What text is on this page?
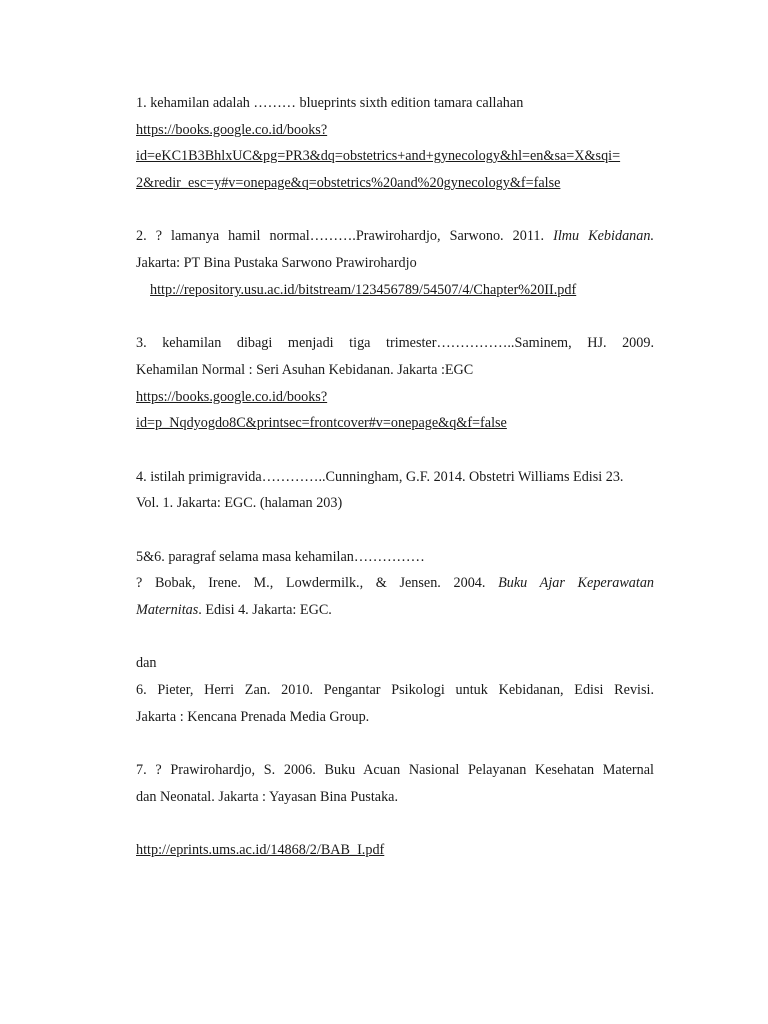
1. kehamilan adalah ……… blueprints sixth edition tamara callahan
https://books.google.co.id/books?
id=eKC1B3BhlxUC&pg=PR3&dq=obstetrics+and+gynecology&hl=en&sa=X&sqi=
2&redir_esc=y#v=onepage&q=obstetrics%20and%20gynecology&f=false
2. ? lamanya hamil normal……….Prawirohardjo, Sarwono. 2011. Ilmu Kebidanan.
Jakarta: PT Bina Pustaka Sarwono Prawirohardjo
http://repository.usu.ac.id/bitstream/123456789/54507/4/Chapter%20II.pdf
3. kehamilan dibagi menjadi tiga trimester……………..Saminem, HJ. 2009.
Kehamilan Normal : Seri Asuhan Kebidanan. Jakarta :EGC
https://books.google.co.id/books?
id=p_Nqdyogdo8C&printsec=frontcover#v=onepage&q&f=false
4. istilah primigravida…………..Cunningham, G.F. 2014. Obstetri Williams Edisi 23.
Vol. 1. Jakarta: EGC. (halaman 203)
5&6. paragraf selama masa kehamilan……………
? Bobak, Irene. M., Lowdermilk., & Jensen. 2004. Buku Ajar Keperawatan
Maternitas. Edisi 4. Jakarta: EGC.
dan
6. Pieter, Herri Zan. 2010. Pengantar Psikologi untuk Kebidanan, Edisi Revisi.
Jakarta : Kencana Prenada Media Group.
7. ? Prawirohardjo, S. 2006. Buku Acuan Nasional Pelayanan Kesehatan Maternal
dan Neonatal. Jakarta : Yayasan Bina Pustaka.
http://eprints.ums.ac.id/14868/2/BAB_I.pdf
